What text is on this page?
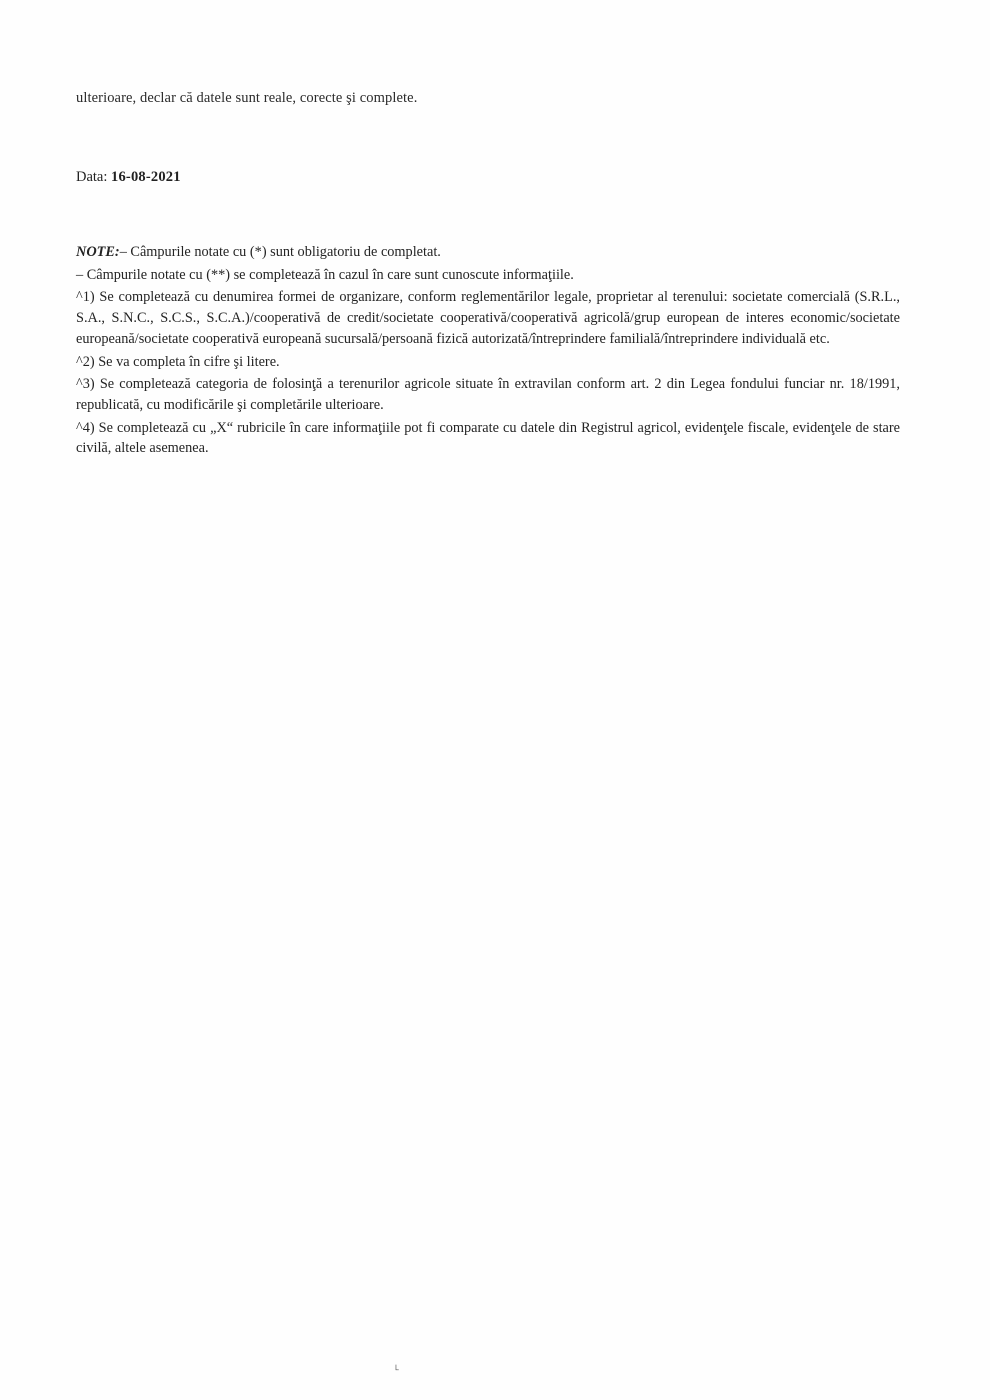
ulterioare, declar că datele sunt reale, corecte şi complete.

Data: 16-08-2021

NOTE:– Câmpurile notate cu (*) sunt obligatoriu de completat.

– Câmpurile notate cu (**) se completează în cazul în care sunt cunoscute informaţiile.

^1) Se completează cu denumirea formei de organizare, conform reglementărilor legale, proprietar al terenului: societate comercială (S.R.L., S.A., S.N.C., S.C.S., S.C.A.)/cooperativă de credit/societate cooperativă/cooperativă agricolă/grup european de interes economic/societate europeană/societate cooperativă europeană sucursală/persoană fizică autorizată/întreprindere familială/întreprindere individuală etc.

^2) Se va completa în cifre şi litere.

^3) Se completează categoria de folosinţă a terenurilor agricole situate în extravilan conform art. 2 din Legea fondului funciar nr. 18/1991, republicată, cu modificările şi completările ulterioare.

^4) Se completează cu „X“ rubricile în care informaţiile pot fi comparate cu datele din Registrul agricol, evidenţele fiscale, evidenţele de stare civilă, altele asemenea.

˪
